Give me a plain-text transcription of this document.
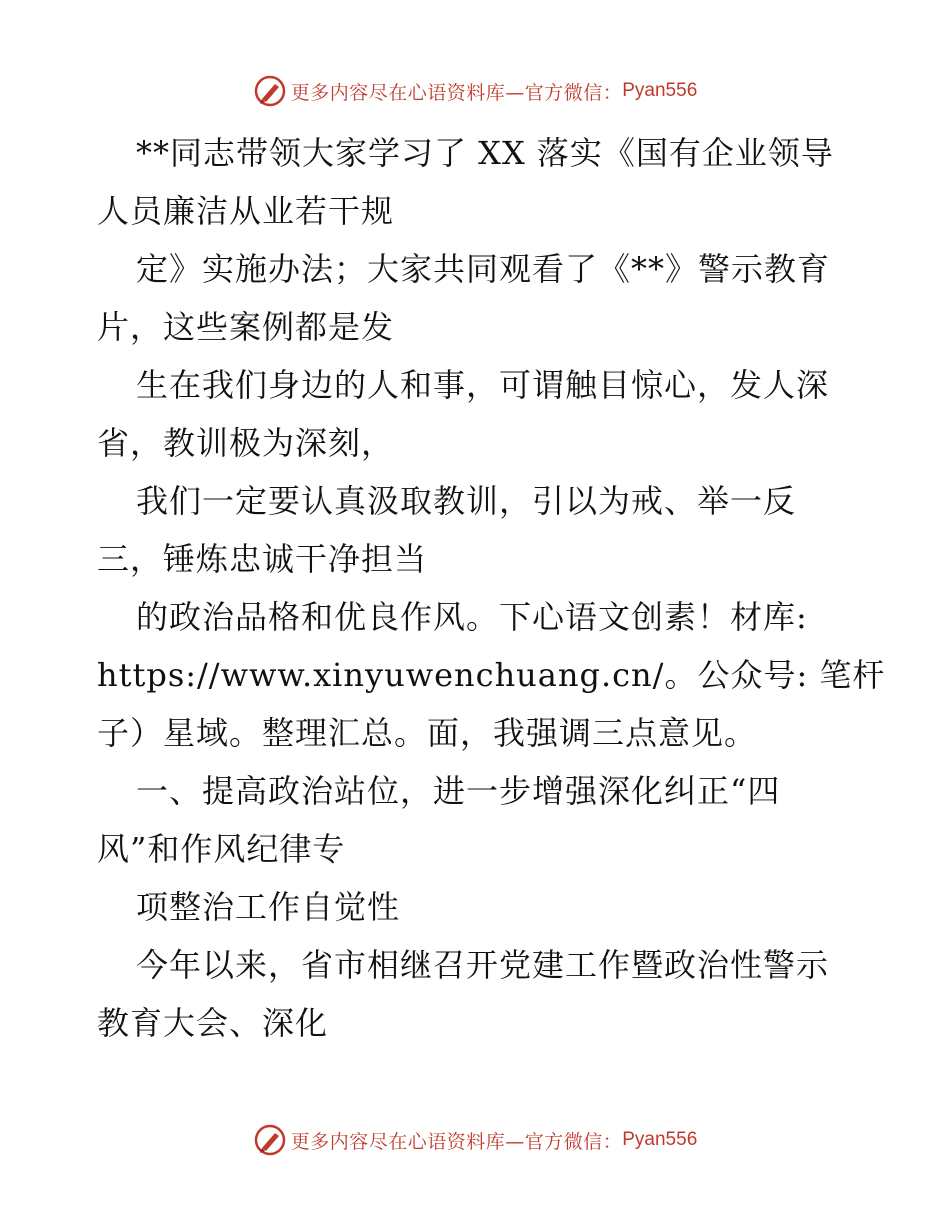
更多内容尽在心语资料库—官方微信： Pyan556
**同志带领大家学习了 XX 落实《国有企业领导
人员廉洁从业若干规
定》实施办法；大家共同观看了《**》警示教育
片，这些案例都是发
生在我们身边的人和事，可谓触目惊心，发人深
省，教训极为深刻，
我们一定要认真汲取教训，引以为戒、举一反
三，锤炼忠诚干净担当
的政治品格和优良作风。下心语文创素！材库:
https://www.xinyuwenchuang.cn/。公众号: 笔杆
子）星域。整理汇总。面，我强调三点意见。
一、提高政治站位，进一步增强深化纠正“四
风”和作风纪律专
项整治工作自觉性
今年以来，省市相继召开党建工作暨政治性警示
教育大会、深化
更多内容尽在心语资料库—官方微信： Pyan556
